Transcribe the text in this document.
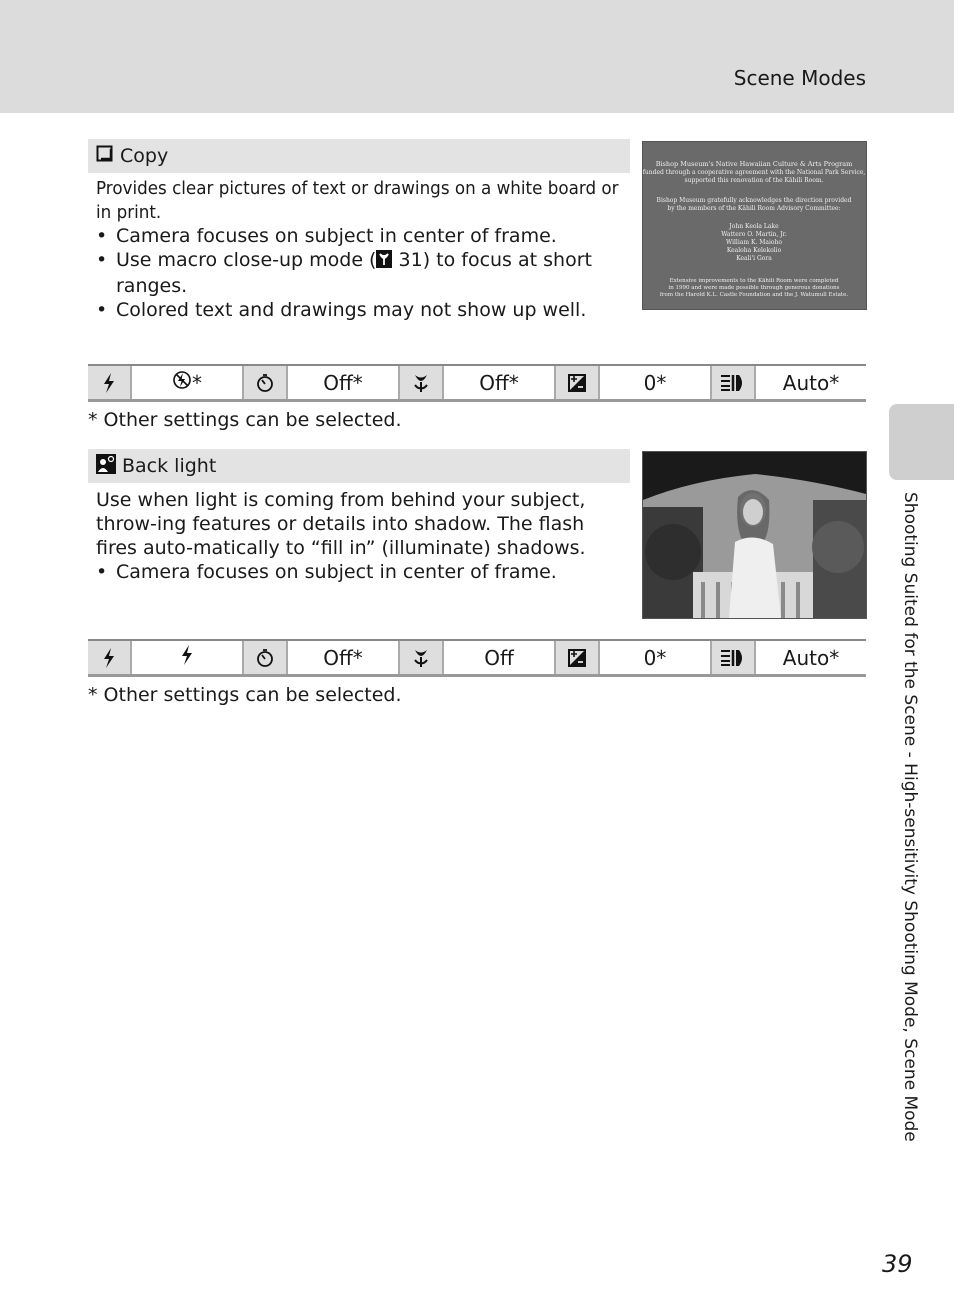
Scene Modes
Shooting Suited for the Scene - High-sensitivity Shooting Mode, Scene Mode
Copy

Provides clear pictures of text or drawings on a white board or in print.

• Camera focuses on subject in center of frame.
• Use macro close-up mode ( 31) to focus at short ranges.
• Colored text and drawings may not show up well.
Bishop Museum's Native Hawaiian Culture & Arts Program
funded through a cooperative agreement with the National Park Service,
supported this renovation of the Kāhili Room.
Bishop Museum gratefully acknowledges the direction provided
by the members of the Kāhili Room Advisory Committee:
John Keola Lake
Wattero O. Martin, Jr.
William K. Maioho
Kealoha Kelekolio
Keali'i Gora
Extensive improvements to the Kāhili Room were completed
in 1990 and were made possible through generous donations
from the Harold K.L. Castle Foundation and the J. Watumull Estate.
*	Off*	Off*	0*	Auto*
* Other settings can be selected.
Back light

Use when light is coming from behind your subject, throw-ing features or details into shadow. The flash fires auto-matically to “fill in” (illuminate) shadows.

• Camera focuses on subject in center of frame.
Off*	Off	0*	Auto*
* Other settings can be selected.
39
